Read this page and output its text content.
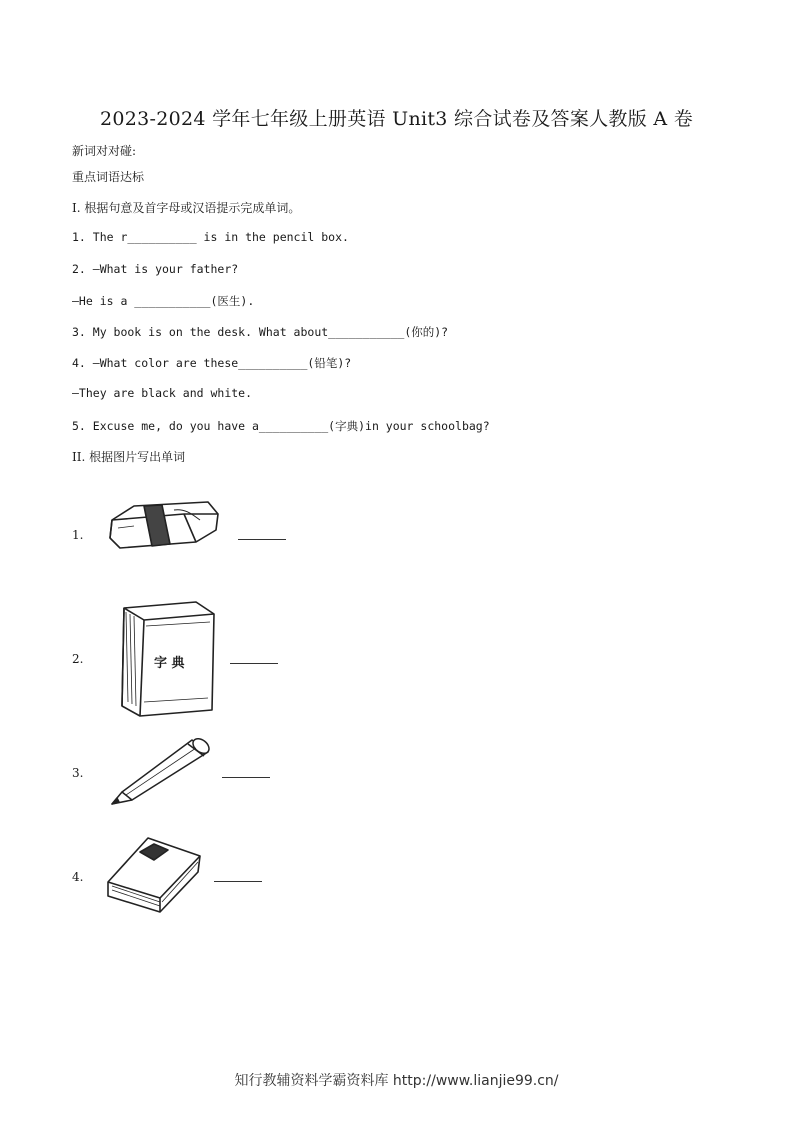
2023-2024 学年七年级上册英语 Unit3 综合试卷及答案人教版 A 卷
新词对对碰:
重点词语达标
I. 根据句意及首字母或汉语提示完成单词。
1. The r__________ is in the pencil box.
2. —What is your father?
—He is a ___________(医生).
3. My book is on the desk. What about___________(你的)?
4. —What color are these__________(铅笔)?
—They are black and white.
5. Excuse me, do you have a__________(字典)in your schoolbag?
II. 根据图片写出单词
1.
2.	字 典
3.
4.
知行教辅资料学霸资料库 http://www.lianjie99.cn/
